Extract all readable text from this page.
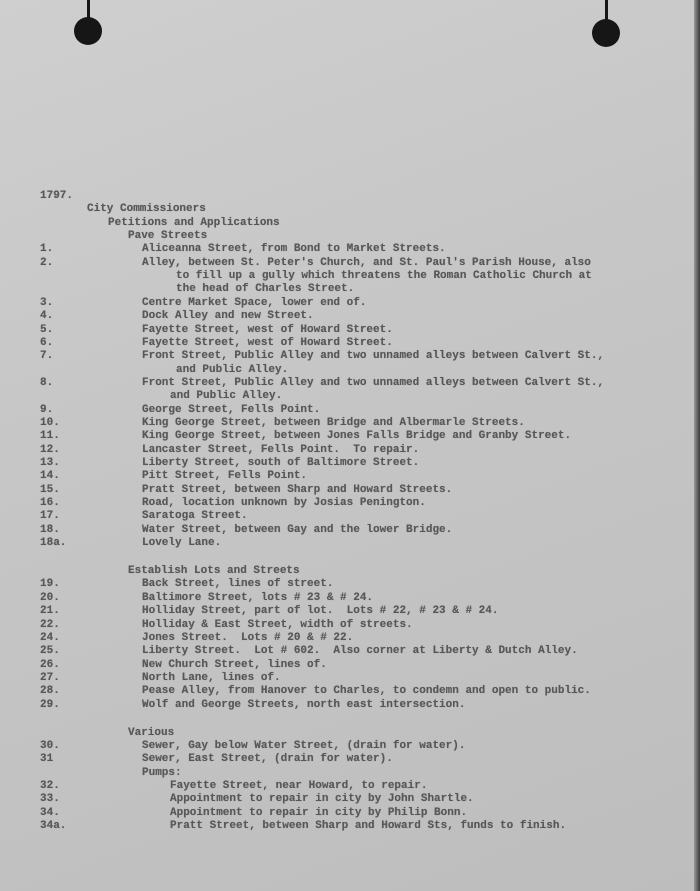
1797.
City Commissioners
Petitions and Applications
Pave Streets
1.	Aliceanna Street, from Bond to Market Streets.
2.	Alley, between St. Peter's Church, and St. Paul's Parish House, also
to fill up a gully which threatens the Roman Catholic Church at
the head of Charles Street.
3.	Centre Market Space, lower end of.
4.	Dock Alley and new Street.
5.	Fayette Street, west of Howard Street.
6.	Fayette Street, west of Howard Street.
7.	Front Street, Public Alley and two unnamed alleys between Calvert St.,
and Public Alley.
8.	Front Street, Public Alley and two unnamed alleys between Calvert St.,
and Public Alley.
9.	George Street, Fells Point.
10.	King George Street, between Bridge and Albermarle Streets.
11.	King George Street, between Jones Falls Bridge and Granby Street.
12.	Lancaster Street, Fells Point.  To repair.
13.	Liberty Street, south of Baltimore Street.
14.	Pitt Street, Fells Point.
15.	Pratt Street, between Sharp and Howard Streets.
16.	Road, location unknown by Josias Penington.
17.	Saratoga Street.
18.	Water Street, between Gay and the lower Bridge.
18a.	Lovely Lane.
Establish Lots and Streets
19.	Back Street, lines of street.
20.	Baltimore Street, lots # 23 & # 24.
21.	Holliday Street, part of lot.  Lots # 22, # 23 & # 24.
22.	Holliday & East Street, width of streets.
24.	Jones Street.  Lots # 20 & # 22.
25.	Liberty Street.  Lot # 602.  Also corner at Liberty & Dutch Alley.
26.	New Church Street, lines of.
27.	North Lane, lines of.
28.	Pease Alley, from Hanover to Charles, to condemn and open to public.
29.	Wolf and George Streets, north east intersection.
Various
30.	Sewer, Gay below Water Street, (drain for water).
31	Sewer, East Street, (drain for water).
Pumps:
32.	Fayette Street, near Howard, to repair.
33.	Appointment to repair in city by John Shartle.
34.	Appointment to repair in city by Philip Bonn.
34a.	Pratt Street, between Sharp and Howard Sts, funds to finish.
